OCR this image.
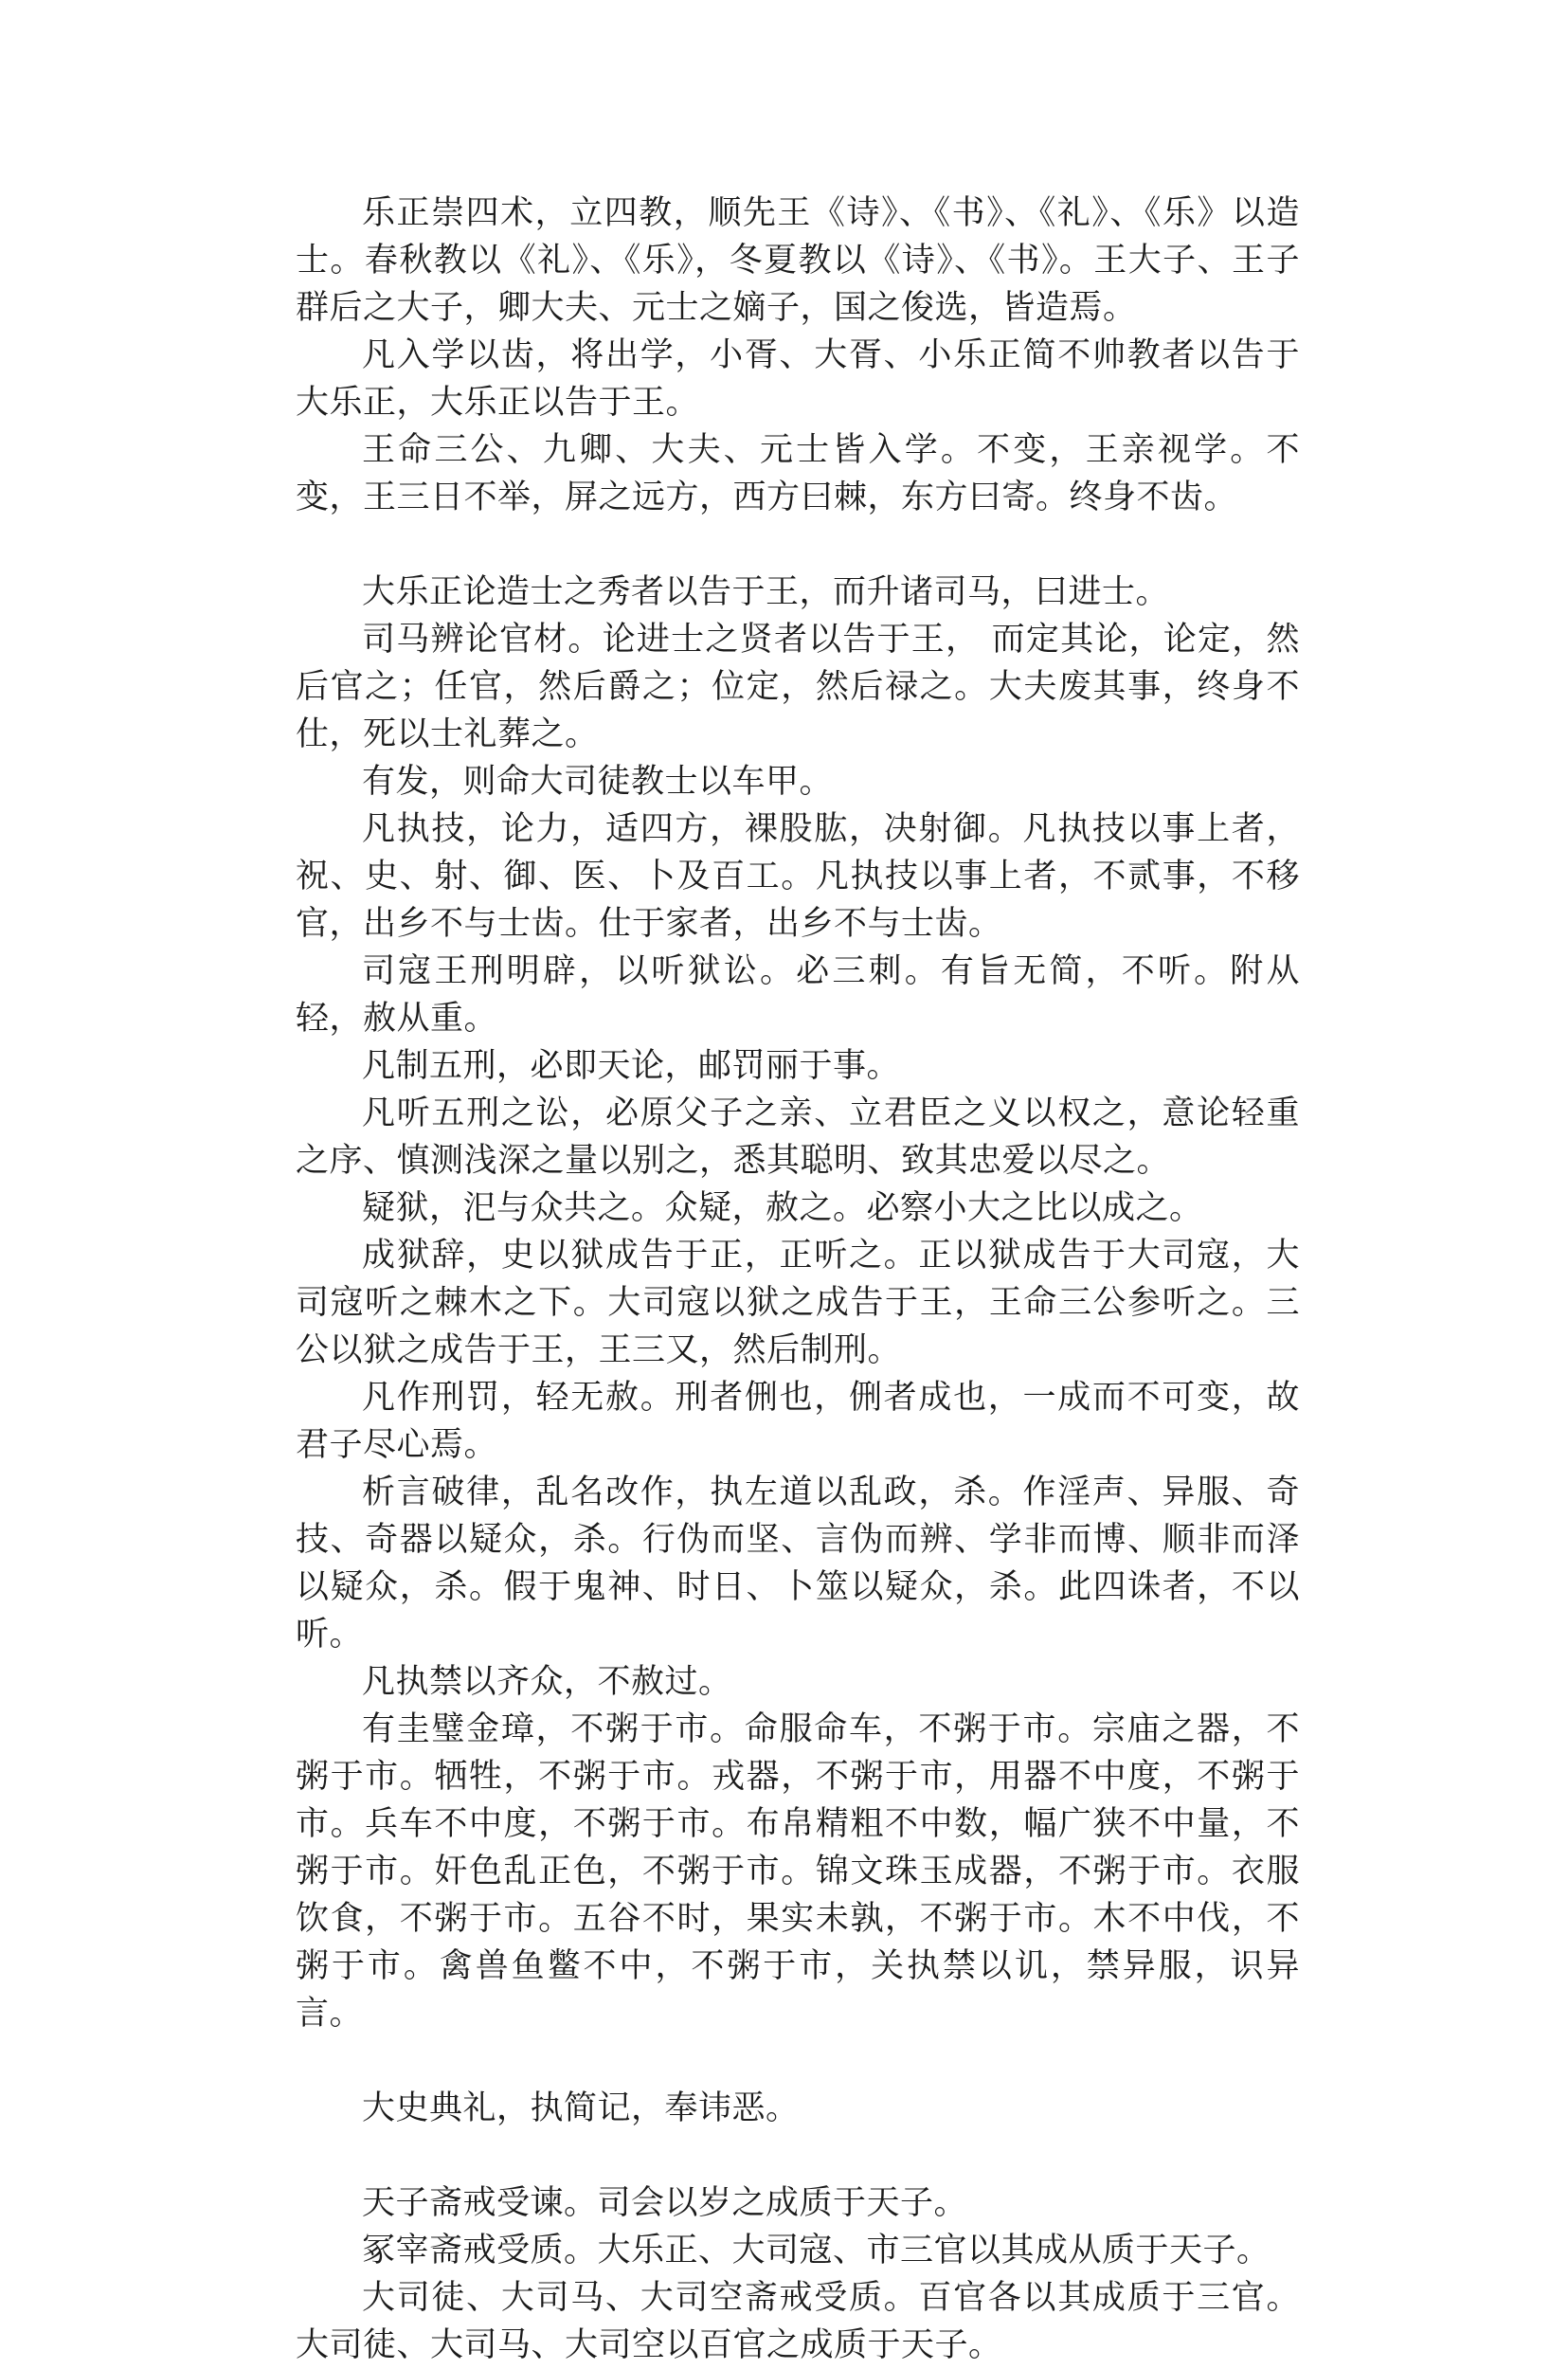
乐正崇四术，立四教，顺先王《诗》、《书》、《礼》、《乐》以造士。春秋教以《礼》、《乐》，冬夏教以《诗》、《书》。王大子、王子群后之大子，卿大夫、元士之嫡子，国之俊选，皆造焉。

凡入学以齿，将出学，小胥、大胥、小乐正简不帅教者以告于大乐正，大乐正以告于王。

王命三公、九卿、大夫、元士皆入学。不变，王亲视学。不变，王三日不举，屏之远方，西方曰棘，东方曰寄。终身不齿。

大乐正论造士之秀者以告于王，而升诸司马，曰进士。

司马辨论官材。论进士之贤者以告于王， 而定其论，论定，然后官之；任官，然后爵之；位定，然后禄之。大夫废其事，终身不仕，死以士礼葬之。

有发，则命大司徒教士以车甲。

凡执技，论力，适四方，裸股肱，决射御。凡执技以事上者，祝、史、射、御、医、卜及百工。凡执技以事上者，不贰事，不移官，出乡不与士齿。仕于家者，出乡不与士齿。

司寇王刑明辟，以听狱讼。必三刺。有旨无简，不听。附从轻，赦从重。

凡制五刑，必即天论，邮罚丽于事。

凡听五刑之讼，必原父子之亲、立君臣之义以权之，意论轻重之序、慎测浅深之量以别之，悉其聪明、致其忠爱以尽之。

疑狱，汜与众共之。众疑，赦之。必察小大之比以成之。

成狱辞，史以狱成告于正，正听之。正以狱成告于大司寇，大司寇听之棘木之下。大司寇以狱之成告于王，王命三公参听之。三公以狱之成告于王，王三又，然后制刑。

凡作刑罚，轻无赦。刑者侀也，侀者成也，一成而不可变，故君子尽心焉。

析言破律，乱名改作，执左道以乱政，杀。作淫声、异服、奇技、奇器以疑众，杀。行伪而坚、言伪而辨、学非而博、顺非而泽以疑众，杀。假于鬼神、时日、卜筮以疑众，杀。此四诛者，不以听。

凡执禁以齐众，不赦过。

有圭璧金璋，不粥于市。命服命车，不粥于市。宗庙之器，不粥于市。牺牲，不粥于市。戎器，不粥于市，用器不中度，不粥于市。兵车不中度，不粥于市。布帛精粗不中数，幅广狭不中量，不粥于市。奸色乱正色，不粥于市。锦文珠玉成器，不粥于市。衣服饮食，不粥于市。五谷不时，果实未孰，不粥于市。木不中伐，不粥于市。禽兽鱼鳖不中，不粥于市，关执禁以讥，禁异服，识异言。

大史典礼，执简记，奉讳恶。

天子斋戒受谏。司会以岁之成质于天子。

冢宰斋戒受质。大乐正、大司寇、市三官以其成从质于天子。

大司徒、大司马、大司空斋戒受质。百官各以其成质于三官。大司徒、大司马、大司空以百官之成质于天子。
